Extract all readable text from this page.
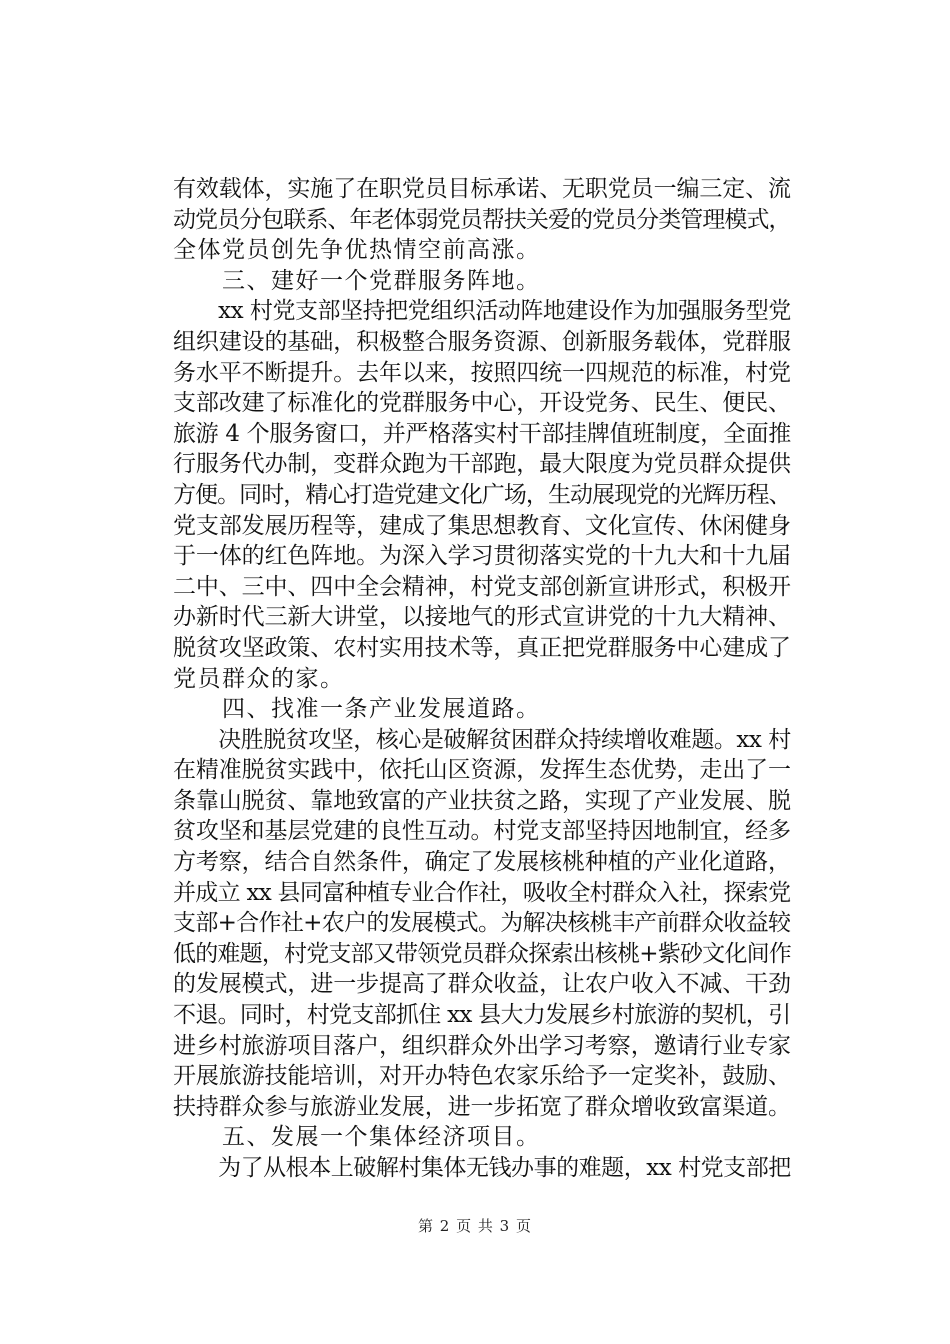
有效载体，实施了在职党员目标承诺、无职党员一编三定、流
动党员分包联系、年老体弱党员帮扶关爱的党员分类管理模式，
全体党员创先争优热情空前高涨。
　　三、建好一个党群服务阵地。
　　xx 村党支部坚持把党组织活动阵地建设作为加强服务型党
组织建设的基础，积极整合服务资源、创新服务载体，党群服
务水平不断提升。去年以来，按照四统一四规范的标准，村党
支部改建了标准化的党群服务中心，开设党务、民生、便民、
旅游 4 个服务窗口，并严格落实村干部挂牌值班制度，全面推
行服务代办制，变群众跑为干部跑，最大限度为党员群众提供
方便。同时，精心打造党建文化广场，生动展现党的光辉历程、
党支部发展历程等，建成了集思想教育、文化宣传、休闲健身
于一体的红色阵地。为深入学习贯彻落实党的十九大和十九届
二中、三中、四中全会精神，村党支部创新宣讲形式，积极开
办新时代三新大讲堂，以接地气的形式宣讲党的十九大精神、
脱贫攻坚政策、农村实用技术等，真正把党群服务中心建成了
党员群众的家。
　　四、找准一条产业发展道路。
　　决胜脱贫攻坚，核心是破解贫困群众持续增收难题。xx 村
在精准脱贫实践中，依托山区资源，发挥生态优势，走出了一
条靠山脱贫、靠地致富的产业扶贫之路，实现了产业发展、脱
贫攻坚和基层党建的良性互动。村党支部坚持因地制宜，经多
方考察，结合自然条件，确定了发展核桃种植的产业化道路，
并成立 xx 县同富种植专业合作社，吸收全村群众入社，探索党
支部+合作社+农户的发展模式。为解决核桃丰产前群众收益较
低的难题，村党支部又带领党员群众探索出核桃+紫砂文化间作
的发展模式，进一步提高了群众收益，让农户收入不减、干劲
不退。同时，村党支部抓住 xx 县大力发展乡村旅游的契机，引
进乡村旅游项目落户，组织群众外出学习考察，邀请行业专家
开展旅游技能培训，对开办特色农家乐给予一定奖补，鼓励、
扶持群众参与旅游业发展，进一步拓宽了群众增收致富渠道。
　　五、发展一个集体经济项目。
　　为了从根本上破解村集体无钱办事的难题，xx 村党支部把
第 2 页 共 3 页
